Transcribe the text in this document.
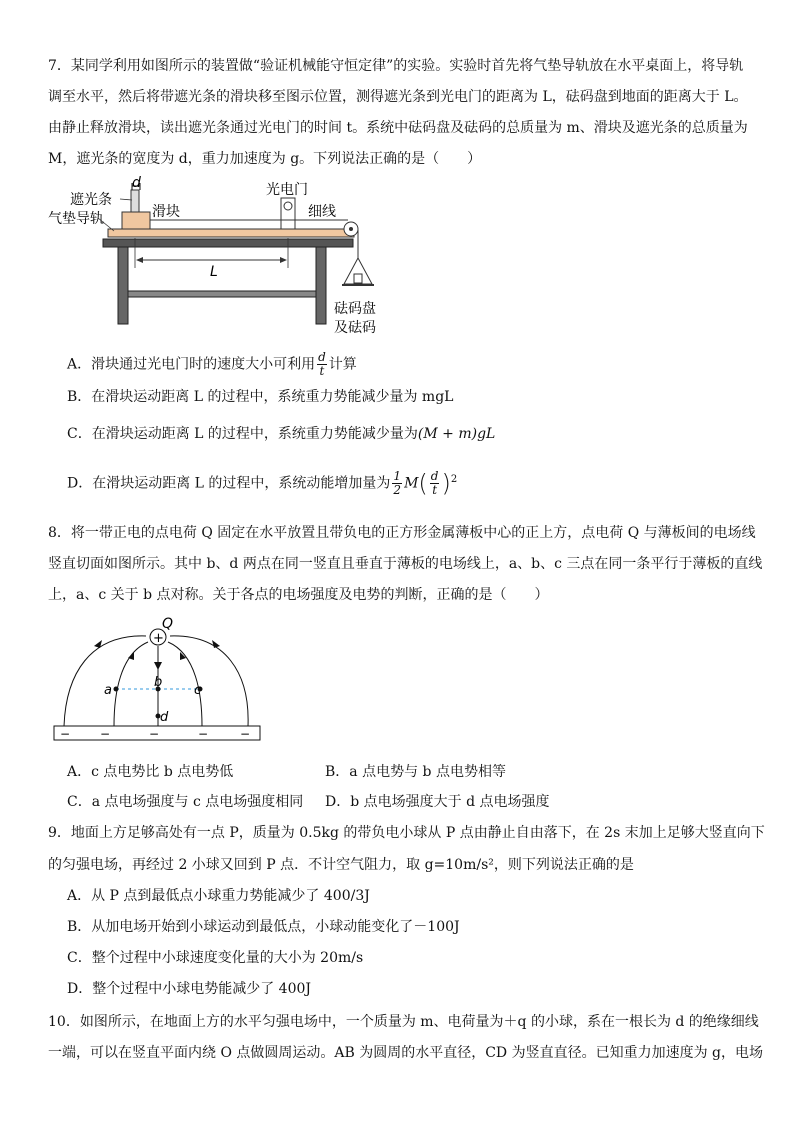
7．某同学利用如图所示的装置做“验证机械能守恒定律”的实验。实验时首先将气垫导轨放在水平桌面上，将导轨
调至水平，然后将带遮光条的滑块移至图示位置，测得遮光条到光电门的距离为 L，砝码盘到地面的距离大于 L。
由静止释放滑块，读出遮光条通过光电门的时间 t。系统中砝码盘及砝码的总质量为 m、滑块及遮光条的总质量为
M，遮光条的宽度为 d，重力加速度为 g。下列说法正确的是（　　）
d
遮光条
气垫导轨	滑块
光电门
细线
L
砝码盘
及砝码
A．滑块通过光电门时的速度大小可利用 $\frac{d}{t}$ 计算
B．在滑块运动距离 L 的过程中，系统重力势能减少量为 mgL
C．在滑块运动距离 L 的过程中，系统重力势能减少量为(M + m)gL
D．在滑块运动距离 L 的过程中，系统动能增加量为 $\frac{1}{2} M( \frac{d}{t} )^2$
8．将一带正电的点电荷 Q 固定在水平放置且带负电的正方形金属薄板中心的正上方，点电荷 Q 与薄板间的电场线
竖直切面如图所示。其中 b、d 两点在同一竖直且垂直于薄板的电场线上，a、b、c 三点在同一条平行于薄板的直线
上，a、c 关于 b 点对称。关于各点的电场强度及电势的判断，正确的是（　　）
− −	−	−	−
+
Q
a
b
c
d
A．c 点电势比 b 点电势低	B．a 点电势与 b 点电势相等
C．a 点电场强度与 c 点电场强度相同 D．b 点电场强度大于 d 点电场强度
9．地面上方足够高处有一点 P，质量为 0.5kg 的带负电小球从 P 点由静止自由落下，在 2s 末加上足够大竖直向下
的匀强电场，再经过 2 小球又回到 P 点．不计空气阻力，取 g=10m/s²，则下列说法正确的是
A．从 P 点到最低点小球重力势能减少了 400/3J
B．从加电场开始到小球运动到最低点，小球动能变化了－100J
C．整个过程中小球速度变化量的大小为 20m/s
D．整个过程中小球电势能减少了 400J
10．如图所示，在地面上方的水平匀强电场中，一个质量为 m、电荷量为＋q 的小球，系在一根长为 d 的绝缘细线
一端，可以在竖直平面内绕 O 点做圆周运动。AB 为圆周的水平直径，CD 为竖直直径。已知重力加速度为 g，电场
